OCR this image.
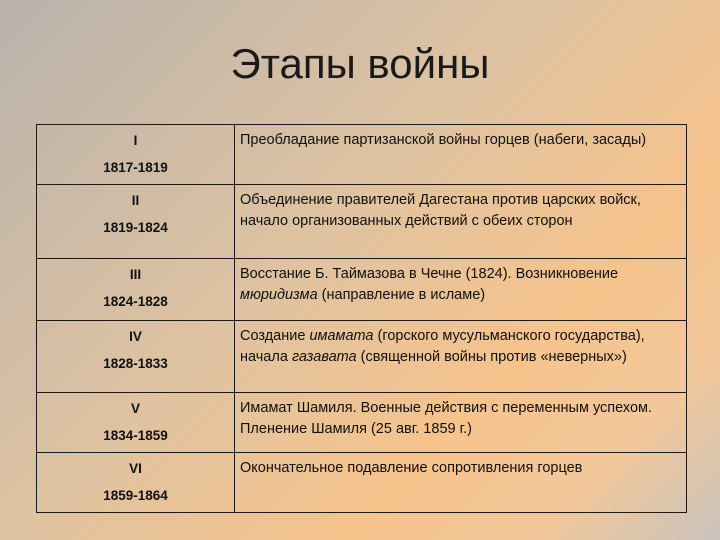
Этапы войны
I
1817-1819	Преобладание партизанской войны горцев (набеги, засады)

II
1819-1824	Объединение правителей Дагестана против царских войск, начало организованных действий с обеих сторон

III
1824-1828	Восстание Б. Таймазова в Чечне (1824). Возникновение мюридизма (направление в исламе)

IV
1828-1833	Создание имамата (горского мусульманского государства), начала газавата (священной войны против «неверных»)

V
1834-1859	Имамат Шамиля. Военные действия с переменным успехом. Пленение Шамиля (25 авг. 1859 г.)

VI
1859-1864	Окончательное подавление сопротивления горцев
